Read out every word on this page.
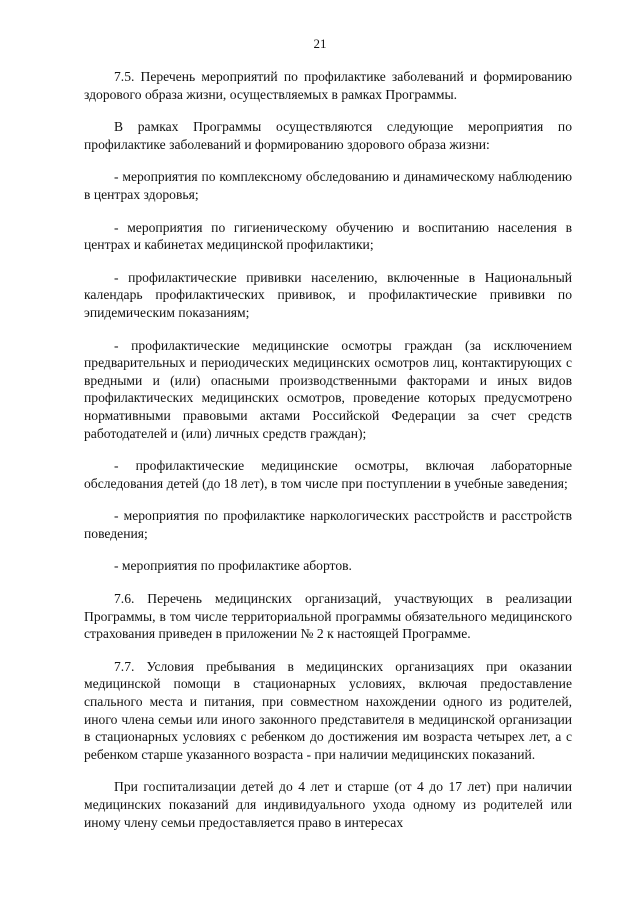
21

7.5. Перечень мероприятий по профилактике заболеваний и формированию здорового образа жизни, осуществляемых в рамках Программы.

В рамках Программы осуществляются следующие мероприятия по профилактике заболеваний и формированию здорового образа жизни:

- мероприятия по комплексному обследованию и динамическому наблюдению в центрах здоровья;

- мероприятия по гигиеническому обучению и воспитанию населения в центрах и кабинетах медицинской профилактики;

- профилактические прививки населению, включенные в Национальный календарь профилактических прививок, и профилактические прививки по эпидемическим показаниям;

- профилактические медицинские осмотры граждан (за исключением предварительных и периодических медицинских осмотров лиц, контактирующих с вредными и (или) опасными производственными факторами и иных видов профилактических медицинских осмотров, проведение которых предусмотрено нормативными правовыми актами Российской Федерации за счет средств работодателей и (или) личных средств граждан);

- профилактические медицинские осмотры, включая лабораторные обследования детей (до 18 лет), в том числе при поступлении в учебные заведения;

- мероприятия по профилактике наркологических расстройств и расстройств поведения;

- мероприятия по профилактике абортов.

7.6. Перечень медицинских организаций, участвующих в реализации Программы, в том числе территориальной программы обязательного медицинского страхования приведен в приложении № 2 к настоящей Программе.

7.7. Условия пребывания в медицинских организациях при оказании медицинской помощи в стационарных условиях, включая предоставление спального места и питания, при совместном нахождении одного из родителей, иного члена семьи или иного законного представителя в медицинской организации в стационарных условиях с ребенком до достижения им возраста четырех лет, а с ребенком старше указанного возраста - при наличии медицинских показаний.

При госпитализации детей до 4 лет и старше (от 4 до 17 лет) при наличии медицинских показаний для индивидуального ухода одному из родителей или иному члену семьи предоставляется право в интересах
